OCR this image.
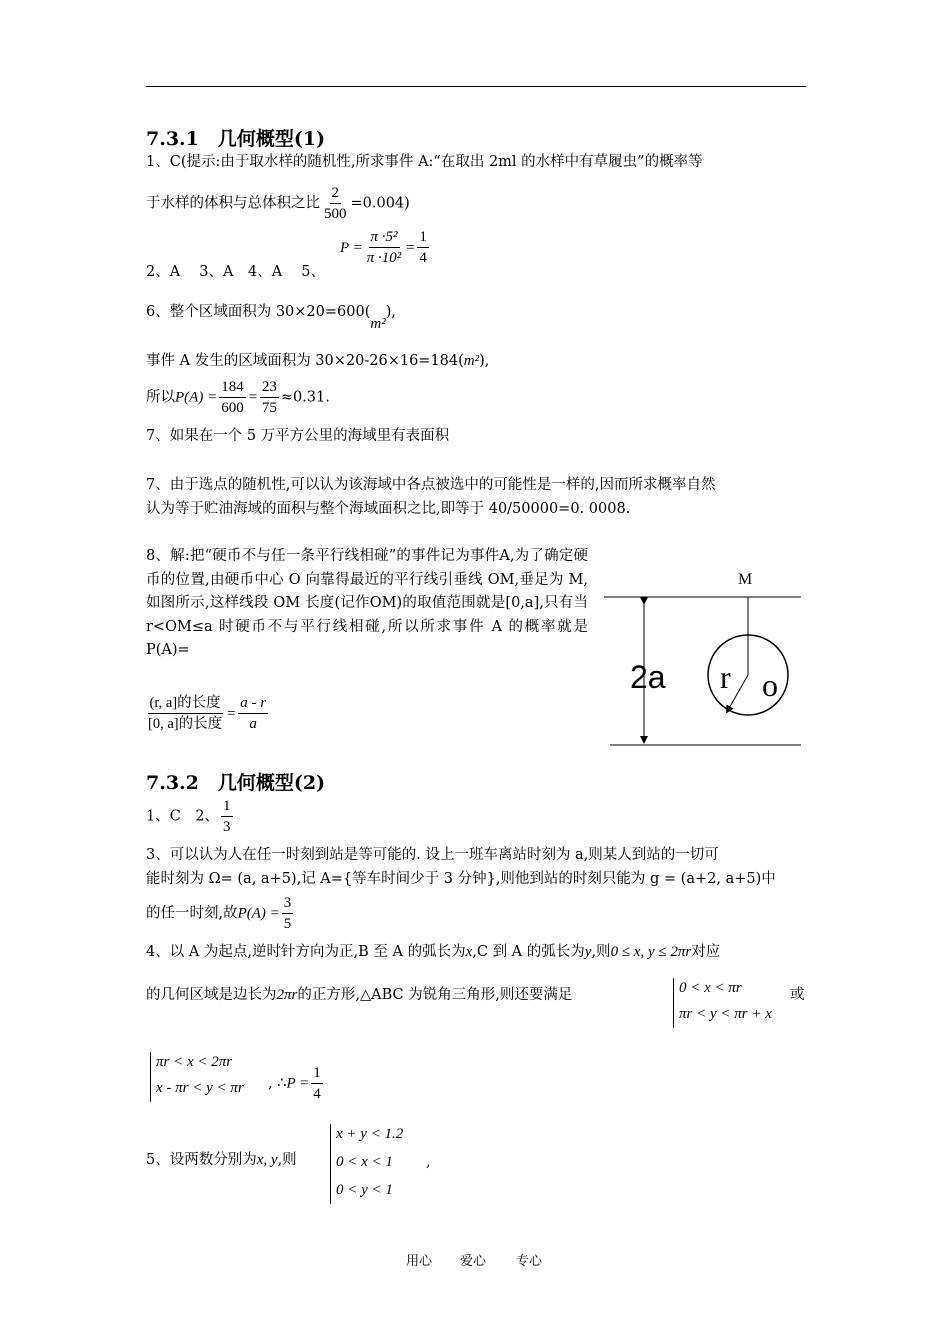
7.3.1　几何概型(1)
1、C(提示:由于取水样的随机性,所求事件 A:“在取出 2ml 的水样中有草履虫”的概率等
于水样的体积与总体积之比 $\frac{2}{500} =0.004$)
2、A　 3、A　4、A　 5、
$P = \frac{\text{π ·5²}}{\text{π ·10²}} = \frac{1}{4}$
6、整个区域面积为 30×20=600(m²),
事件 A 发生的区域面积为 30×20-26×16=184(m²),
所以$P(A) = \frac{184}{600} = \frac{23}{75} \approx 0.31$.
7、如果在一个 5 万平方公里的海域里有表面积
7、由于选点的随机性,可以认为该海域中各点被选中的可能性是一样的,因而所求概率自然
认为等于贮油海域的面积与整个海域面积之比,即等于 40/50000=0. 0008.
8、解:把“硬币不与任一条平行线相碰”的事件记为事件A,为了确定硬币的位置,由硬币中心 O 向靠得最近的平行线引垂线 OM,垂足为 M,如图所示,这样线段 OM 长度(记作OM)的取值范围就是[0,a],只有当 r<OM≤a 时硬币不与平行线相碰,所以所求事件 A 的概率就是 P(A)=
$\frac{\text{(r, a]的长度}}{\text{[0, a]的长度}} = \frac{a - r}{a}$
M
2a r o
7.3.2　几何概型(2)
1、C　2、 $\frac{1}{3}$
3、可以认为人在任一时刻到站是等可能的. 设上一班车离站时刻为 a,则某人到站的一切可
能时刻为 Ω= (a, a+5),记 A={等车时间少于 3 分钟},则他到站的时刻只能为 g = (a+2, a+5)中
的任一时刻,故$P(A) = \frac{3}{5}$
4、以 A 为起点,逆时针方向为正,B 至 A 的弧长为x,C 到 A 的弧长为y,则0 ≤ x, y ≤ 2πr对应
的几何区域是边长为2πr的正方形,△ABC 为锐角三角形,则还要满足	0 < x < πr
πr < y < πr + x
或
πr < x < 2πr
x - πr < y < πr , ∴P = $\frac{1}{4}$
5、设两数分别为x, y,则
x + y < 1.2
0 < x < 1
0 < y < 1
,
用心 爱心 专心
